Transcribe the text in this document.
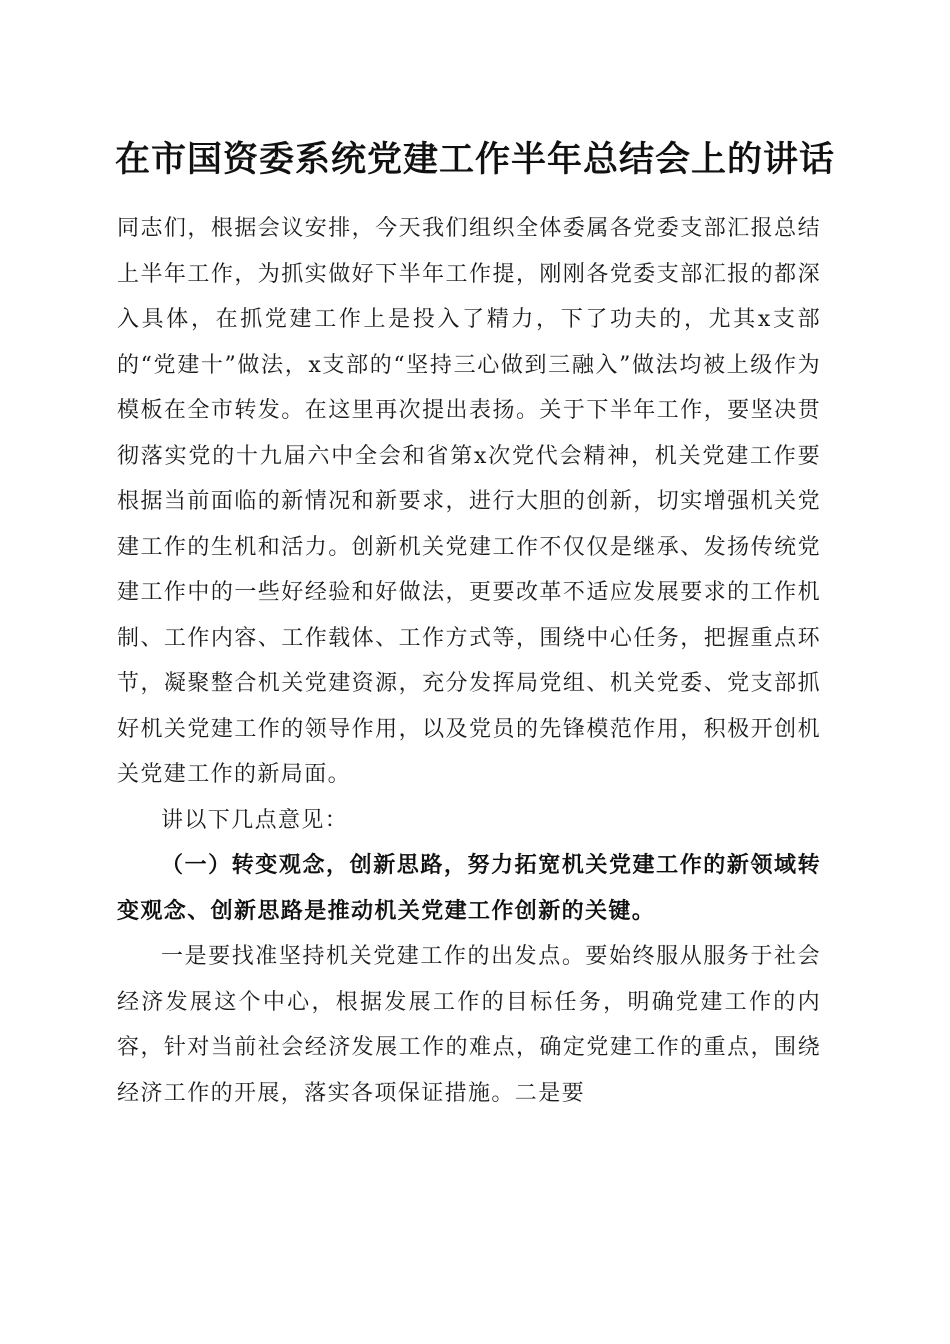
在市国资委系统党建工作半年总结会上的讲话

同志们，根据会议安排，今天我们组织全体委属各党委支部汇报总结上半年工作，为抓实做好下半年工作提，刚刚各党委支部汇报的都深入具体，在抓党建工作上是投入了精力，下了功夫的，尤其x支部的“党建十”做法，x支部的“坚持三心做到三融入”做法均被上级作为模板在全市转发。在这里再次提出表扬。关于下半年工作，要坚决贯彻落实党的十九届六中全会和省第x次党代会精神，机关党建工作要根据当前面临的新情况和新要求，进行大胆的创新，切实增强机关党建工作的生机和活力。创新机关党建工作不仅仅是继承、发扬传统党建工作中的一些好经验和好做法，更要改革不适应发展要求的工作机制、工作内容、工作载体、工作方式等，围绕中心任务，把握重点环节，凝聚整合机关党建资源，充分发挥局党组、机关党委、党支部抓好机关党建工作的领导作用，以及党员的先锋模范作用，积极开创机关党建工作的新局面。

讲以下几点意见：

（一）转变观念，创新思路，努力拓宽机关党建工作的新领域转变观念、创新思路是推动机关党建工作创新的关键。

一是要找准坚持机关党建工作的出发点。要始终服从服务于社会经济发展这个中心，根据发展工作的目标任务，明确党建工作的内容，针对当前社会经济发展工作的难点，确定党建工作的重点，围绕经济工作的开展，落实各项保证措施。二是要
